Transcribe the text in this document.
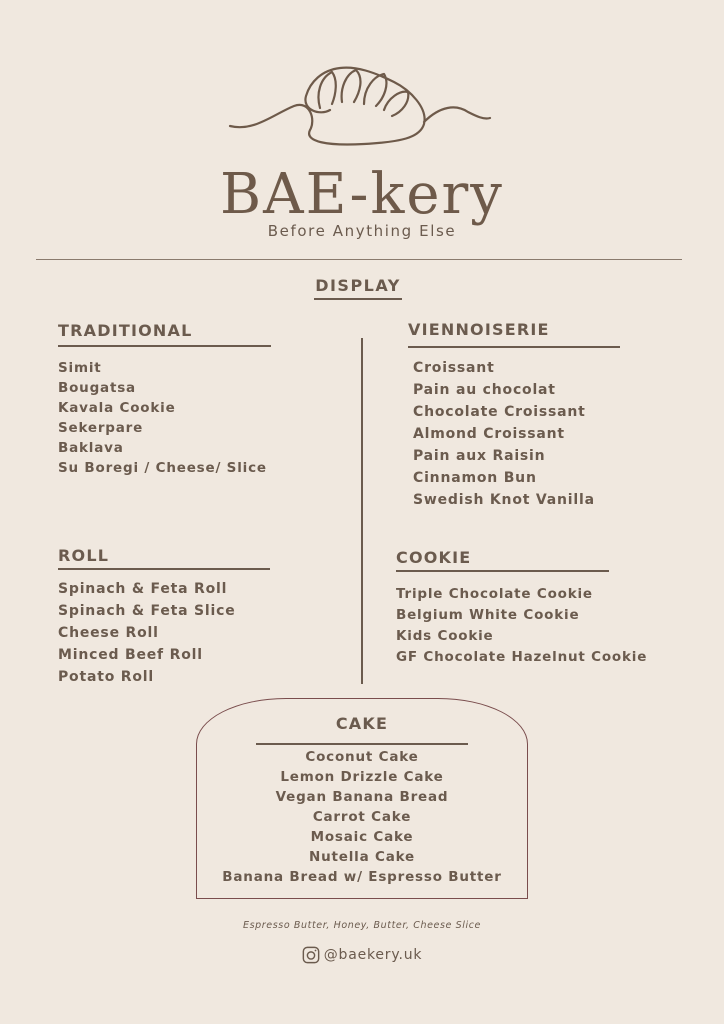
BAE-kery
Before Anything Else
DISPLAY
TRADITIONAL
Simit
Bougatsa
Kavala Cookie
Sekerpare
Baklava
Su Boregi / Cheese/ Slice
VIENNOISERIE
Croissant
Pain au chocolat
Chocolate Croissant
Almond Croissant
Pain aux Raisin
Cinnamon Bun
Swedish Knot Vanilla
ROLL
Spinach & Feta Roll
Spinach & Feta Slice
Cheese Roll
Minced Beef Roll
Potato Roll
COOKIE
Triple Chocolate Cookie
Belgium White Cookie
Kids Cookie
GF Chocolate Hazelnut Cookie
CAKE
Coconut Cake
Lemon Drizzle Cake
Vegan Banana Bread
Carrot Cake
Mosaic Cake
Nutella Cake
Banana Bread w/ Espresso Butter
Espresso Butter, Honey, Butter, Cheese Slice
@baekery.uk
